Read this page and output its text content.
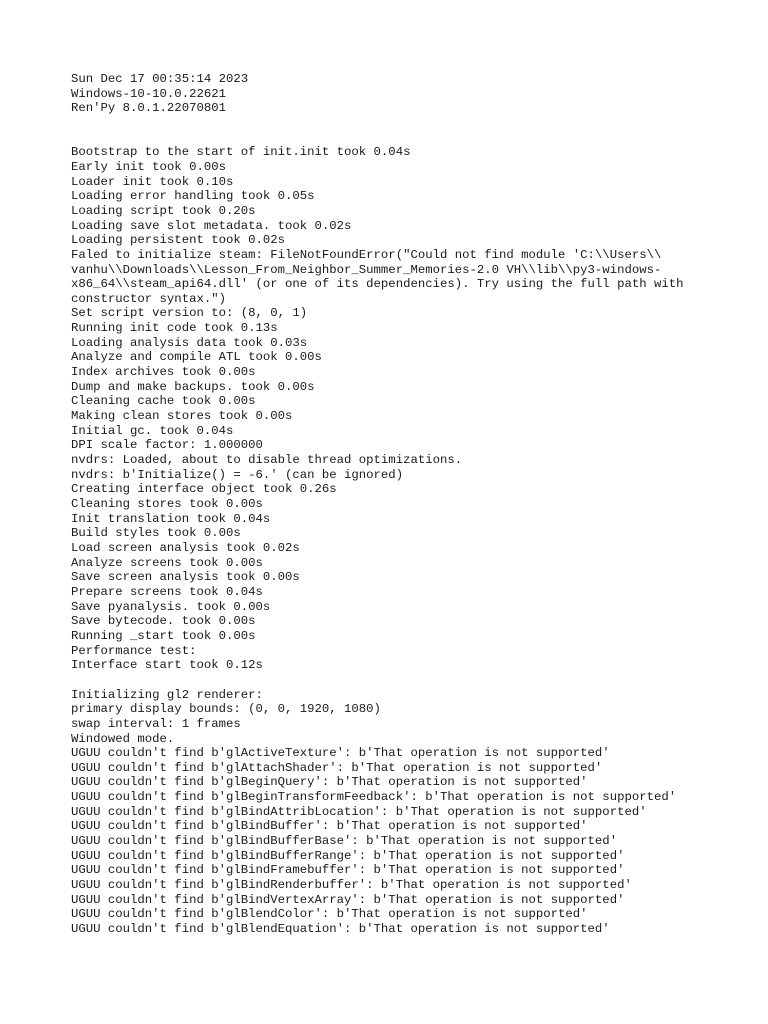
Sun Dec 17 00:35:14 2023
Windows-10-10.0.22621
Ren'Py 8.0.1.22070801
Bootstrap to the start of init.init took 0.04s
Early init took 0.00s
Loader init took 0.10s
Loading error handling took 0.05s
Loading script took 0.20s
Loading save slot metadata. took 0.02s
Loading persistent took 0.02s
Faled to initialize steam: FileNotFoundError("Could not find module 'C:\\Users\\
vanhu\\Downloads\\Lesson_From_Neighbor_Summer_Memories-2.0 VH\\lib\\py3-windows-
x86_64\\steam_api64.dll' (or one of its dependencies). Try using the full path with
constructor syntax.")
Set script version to: (8, 0, 1)
Running init code took 0.13s
Loading analysis data took 0.03s
Analyze and compile ATL took 0.00s
Index archives took 0.00s
Dump and make backups. took 0.00s
Cleaning cache took 0.00s
Making clean stores took 0.00s
Initial gc. took 0.04s
DPI scale factor: 1.000000
nvdrs: Loaded, about to disable thread optimizations.
nvdrs: b'Initialize() = -6.' (can be ignored)
Creating interface object took 0.26s
Cleaning stores took 0.00s
Init translation took 0.04s
Build styles took 0.00s
Load screen analysis took 0.02s
Analyze screens took 0.00s
Save screen analysis took 0.00s
Prepare screens took 0.04s
Save pyanalysis. took 0.00s
Save bytecode. took 0.00s
Running _start took 0.00s
Performance test:
Interface start took 0.12s
Initializing gl2 renderer:
primary display bounds: (0, 0, 1920, 1080)
swap interval: 1 frames
Windowed mode.
UGUU couldn't find b'glActiveTexture': b'That operation is not supported'
UGUU couldn't find b'glAttachShader': b'That operation is not supported'
UGUU couldn't find b'glBeginQuery': b'That operation is not supported'
UGUU couldn't find b'glBeginTransformFeedback': b'That operation is not supported'
UGUU couldn't find b'glBindAttribLocation': b'That operation is not supported'
UGUU couldn't find b'glBindBuffer': b'That operation is not supported'
UGUU couldn't find b'glBindBufferBase': b'That operation is not supported'
UGUU couldn't find b'glBindBufferRange': b'That operation is not supported'
UGUU couldn't find b'glBindFramebuffer': b'That operation is not supported'
UGUU couldn't find b'glBindRenderbuffer': b'That operation is not supported'
UGUU couldn't find b'glBindVertexArray': b'That operation is not supported'
UGUU couldn't find b'glBlendColor': b'That operation is not supported'
UGUU couldn't find b'glBlendEquation': b'That operation is not supported'
